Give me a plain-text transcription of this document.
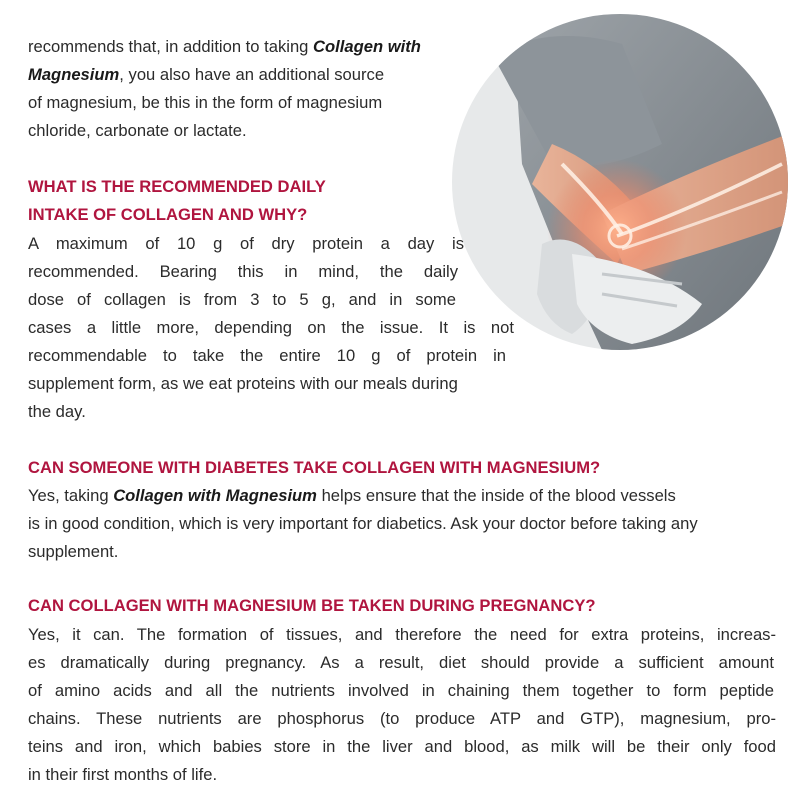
recommends that, in addition to taking Collagen with
Magnesium, you also have an additional source
of magnesium, be this in the form of magnesium
chloride, carbonate or lactate.
WHAT IS THE RECOMMENDED DAILY
INTAKE OF COLLAGEN AND WHY?
A maximum of 10 g of dry protein a day is
recommended. Bearing this in mind, the daily
dose of collagen is from 3 to 5 g, and in some
cases a little more, depending on the issue. It is not
recommendable to take the entire 10 g of protein in
supplement form, as we eat proteins with our meals during
the day.
CAN SOMEONE WITH DIABETES TAKE COLLAGEN WITH MAGNESIUM?
Yes, taking Collagen with Magnesium helps ensure that the inside of the blood vessels
is in good condition, which is very important for diabetics. Ask your doctor before taking any
supplement.
CAN COLLAGEN WITH MAGNESIUM BE TAKEN DURING PREGNANCY?
Yes, it can. The formation of tissues, and therefore the need for extra proteins, increas-
es dramatically during pregnancy. As a result, diet should provide a sufficient amount
of amino acids and all the nutrients involved in chaining them together to form peptide
chains. These nutrients are phosphorus (to produce ATP and GTP), magnesium, pro-
teins and iron, which babies store in the liver and blood, as milk will be their only food
in their first months of life.
